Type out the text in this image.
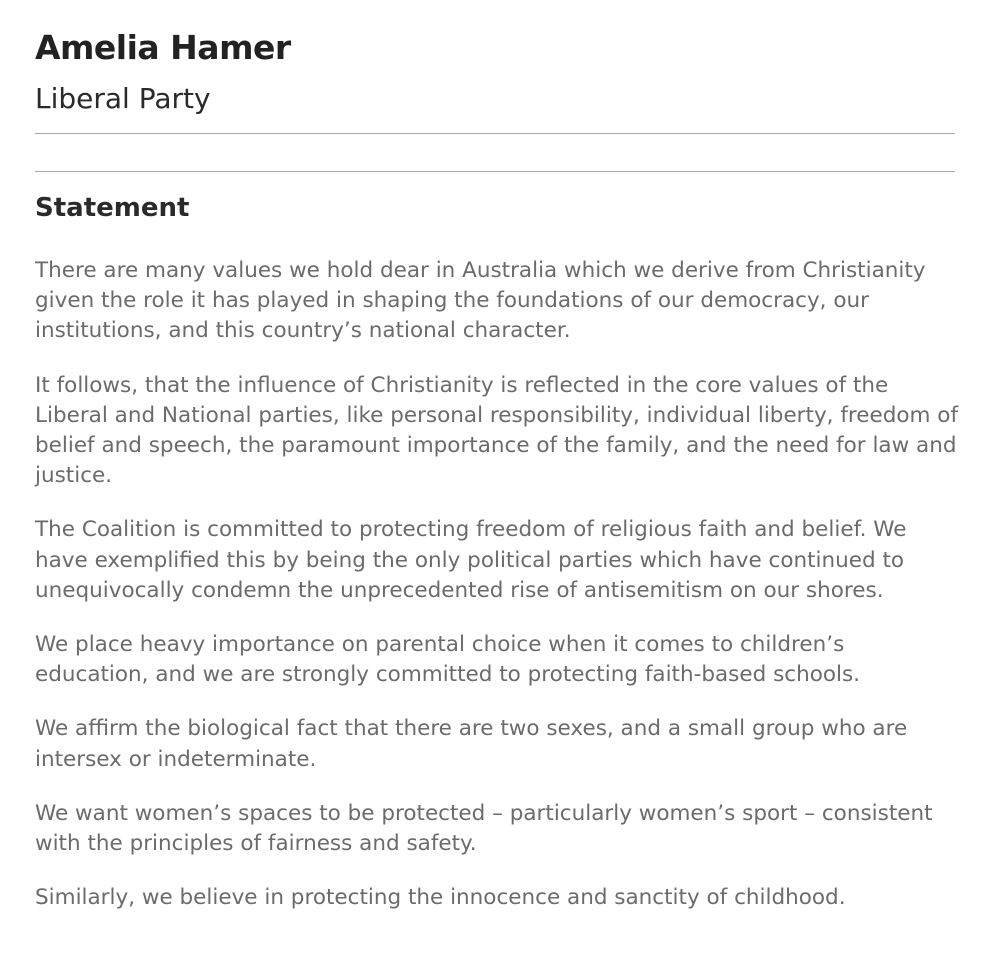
Amelia Hamer
Liberal Party
Statement

There are many values we hold dear in Australia which we derive from Christianity given the role it has played in shaping the foundations of our democracy, our institutions, and this country’s national character.

It follows, that the influence of Christianity is reflected in the core values of the Liberal and National parties, like personal responsibility, individual liberty, freedom of belief and speech, the paramount importance of the family, and the need for law and justice.

The Coalition is committed to protecting freedom of religious faith and belief. We have exemplified this by being the only political parties which have continued to unequivocally condemn the unprecedented rise of antisemitism on our shores.

We place heavy importance on parental choice when it comes to children’s education, and we are strongly committed to protecting faith-based schools.

We affirm the biological fact that there are two sexes, and a small group who are intersex or indeterminate.

We want women’s spaces to be protected – particularly women’s sport – consistent with the principles of fairness and safety.

Similarly, we believe in protecting the innocence and sanctity of childhood.
